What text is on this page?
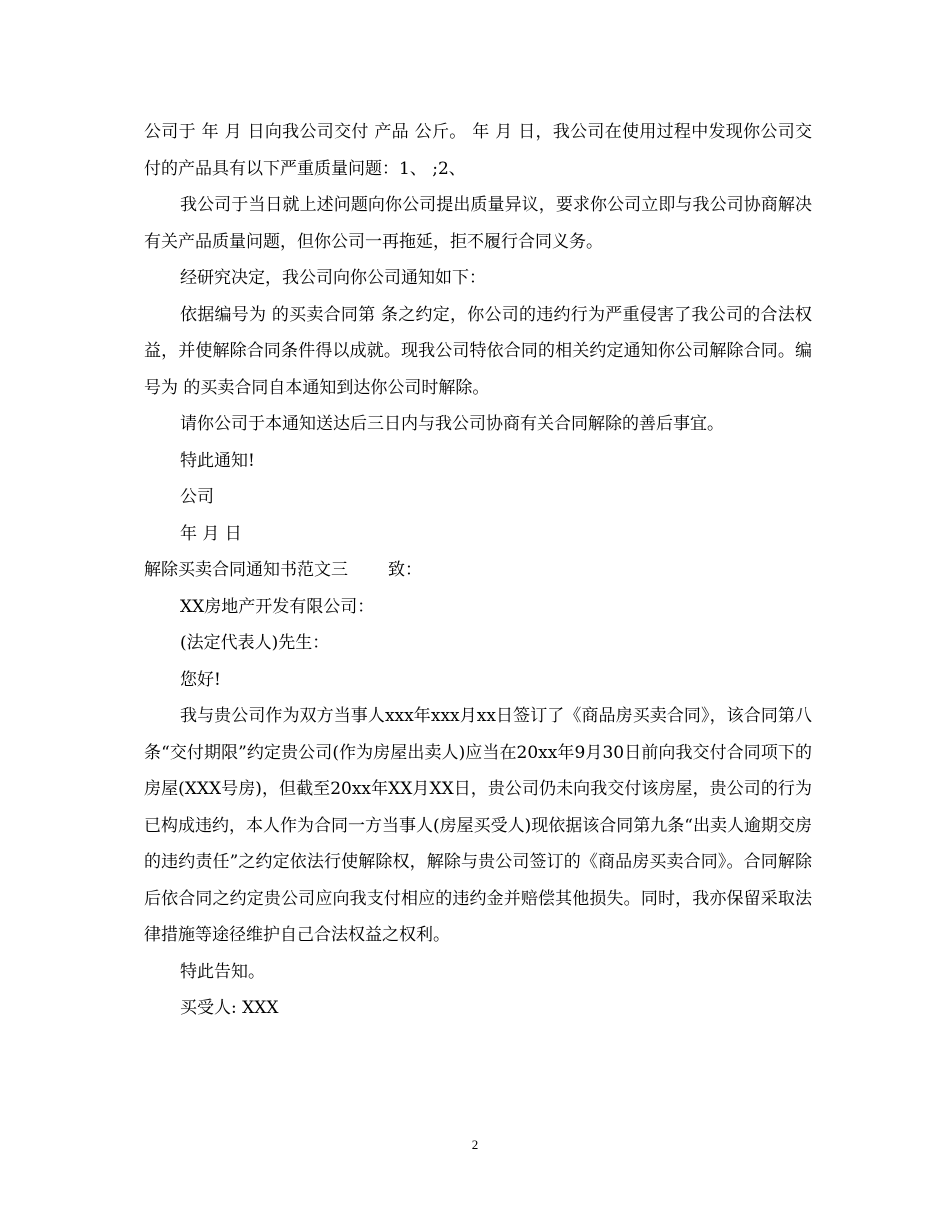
公司于 年 月 日向我公司交付 产品 公斤。 年 月 日，我公司在使用过程中发现你公司交付的产品具有以下严重质量问题：1、 ;2、

我公司于当日就上述问题向你公司提出质量异议，要求你公司立即与我公司协商解决有关产品质量问题，但你公司一再拖延，拒不履行合同义务。

经研究决定，我公司向你公司通知如下：

依据编号为 的买卖合同第 条之约定，你公司的违约行为严重侵害了我公司的合法权益，并使解除合同条件得以成就。现我公司特依合同的相关约定通知你公司解除合同。编号为 的买卖合同自本通知到达你公司时解除。

请你公司于本通知送达后三日内与我公司协商有关合同解除的善后事宜。

特此通知!

公司

年 月 日

解除买卖合同通知书范文三 致：

XX房地产开发有限公司：

(法定代表人)先生：

您好!

我与贵公司作为双方当事人xxx年xxx月xx日签订了《商品房买卖合同》，该合同第八条“交付期限”约定贵公司(作为房屋出卖人)应当在20xx年9月30日前向我交付合同项下的房屋(XXX号房)，但截至20xx年XX月XX日，贵公司仍未向我交付该房屋，贵公司的行为已构成违约，本人作为合同一方当事人(房屋买受人)现依据该合同第九条“出卖人逾期交房的违约责任”之约定依法行使解除权，解除与贵公司签订的《商品房买卖合同》。合同解除后依合同之约定贵公司应向我支付相应的违约金并赔偿其他损失。同时，我亦保留采取法律措施等途径维护自己合法权益之权利。

特此告知。

买受人: XXX

2
